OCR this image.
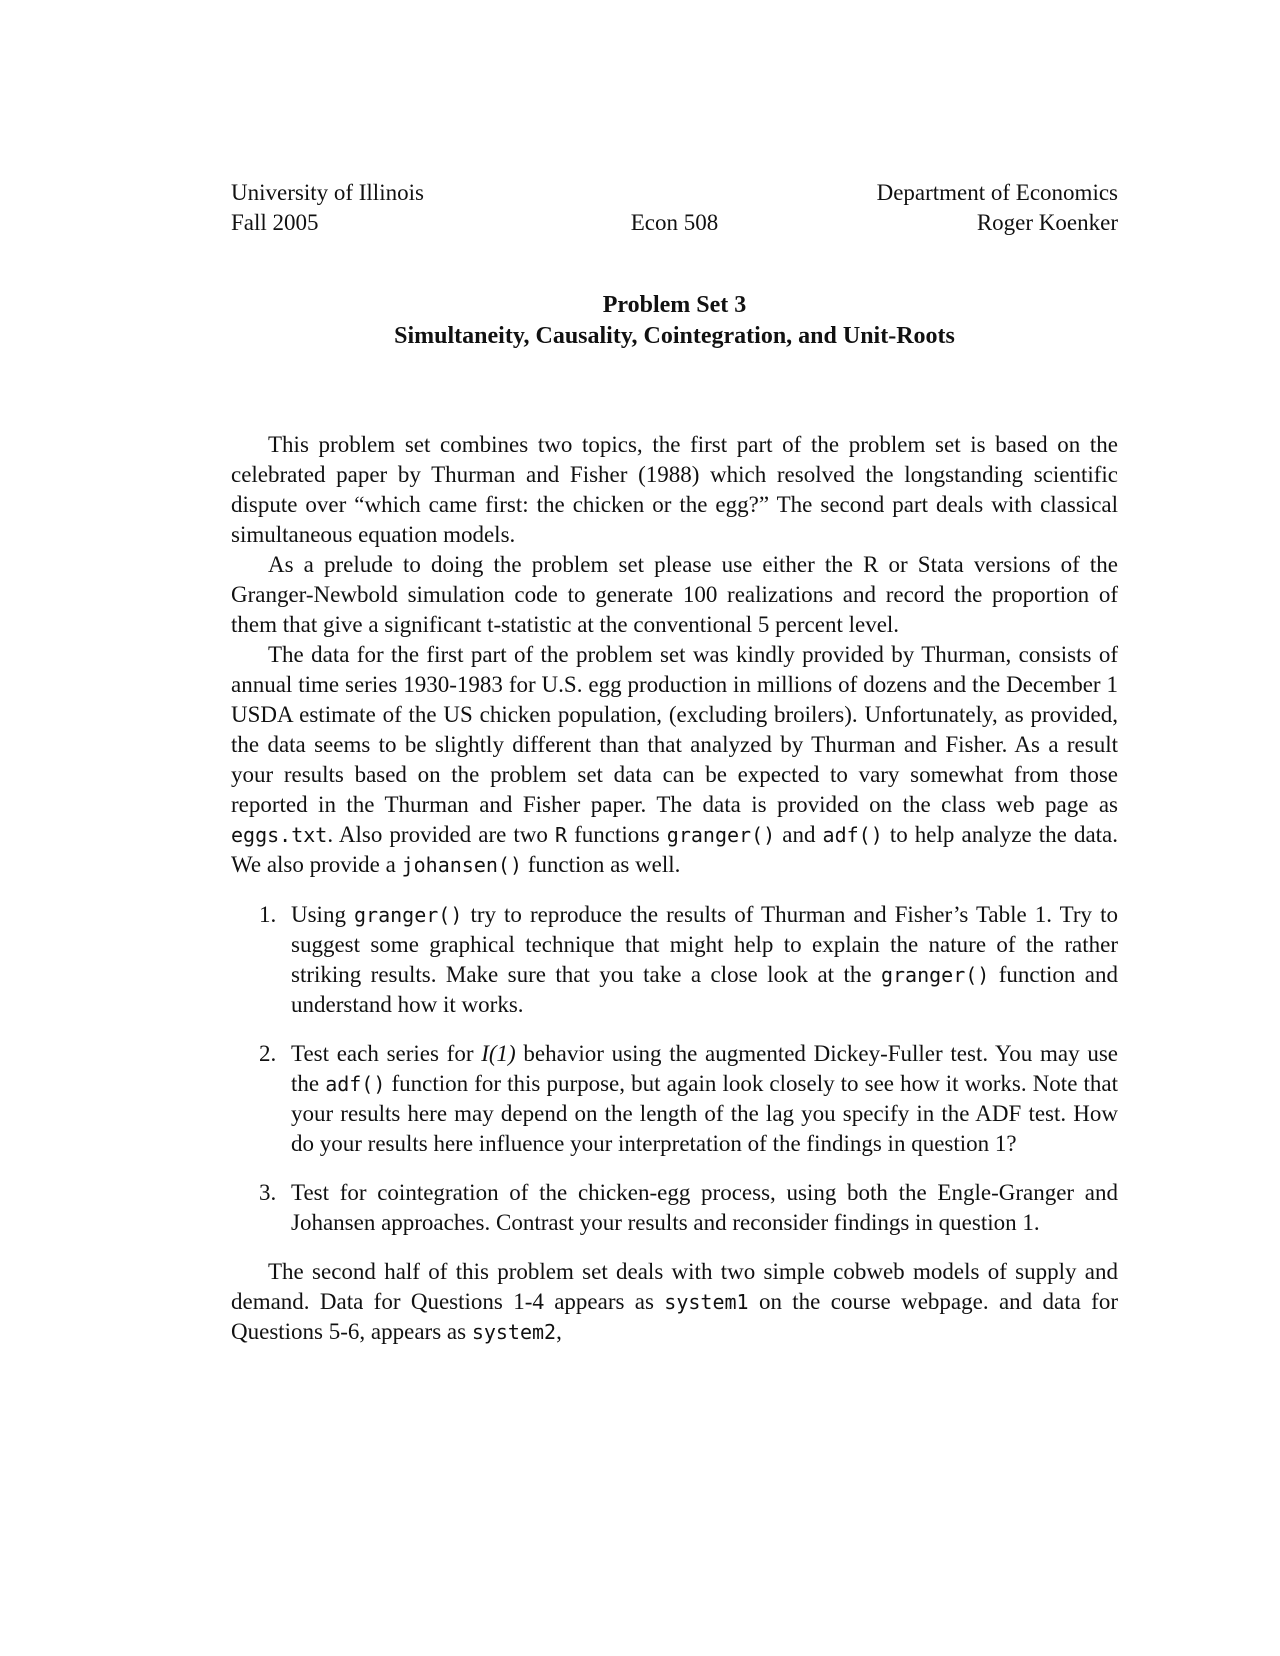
University of Illinois
Fall 2005	Econ 508
Department of Economics
Roger Koenker
Problem Set 3
Simultaneity, Causality, Cointegration, and Unit-Roots

This problem set combines two topics, the first part of the problem set is based on the celebrated paper by Thurman and Fisher (1988) which resolved the longstanding scientific dispute over “which came first: the chicken or the egg?” The second part deals with classical simultaneous equation models.

As a prelude to doing the problem set please use either the R or Stata versions of the Granger-Newbold simulation code to generate 100 realizations and record the proportion of them that give a significant t-statistic at the conventional 5 percent level.

The data for the first part of the problem set was kindly provided by Thurman, consists of annual time series 1930-1983 for U.S. egg production in millions of dozens and the December 1 USDA estimate of the US chicken population, (excluding broilers). Unfortunately, as provided, the data seems to be slightly different than that analyzed by Thurman and Fisher. As a result your results based on the problem set data can be expected to vary somewhat from those reported in the Thurman and Fisher paper. The data is provided on the class web page as eggs.txt. Also provided are two R functions granger() and adf() to help analyze the data. We also provide a johansen() function as well.

1. Using granger() try to reproduce the results of Thurman and Fisher’s Table 1. Try to suggest some graphical technique that might help to explain the nature of the rather striking results. Make sure that you take a close look at the granger() function and understand how it works.
2. Test each series for I(1) behavior using the augmented Dickey-Fuller test. You may use the adf() function for this purpose, but again look closely to see how it works. Note that your results here may depend on the length of the lag you specify in the ADF test. How do your results here influence your interpretation of the findings in question 1?
3. Test for cointegration of the chicken-egg process, using both the Engle-Granger and Johansen approaches. Contrast your results and reconsider findings in question 1.

The second half of this problem set deals with two simple cobweb models of supply and demand. Data for Questions 1-4 appears as system1 on the course webpage. and data for Questions 5-6, appears as system2,
